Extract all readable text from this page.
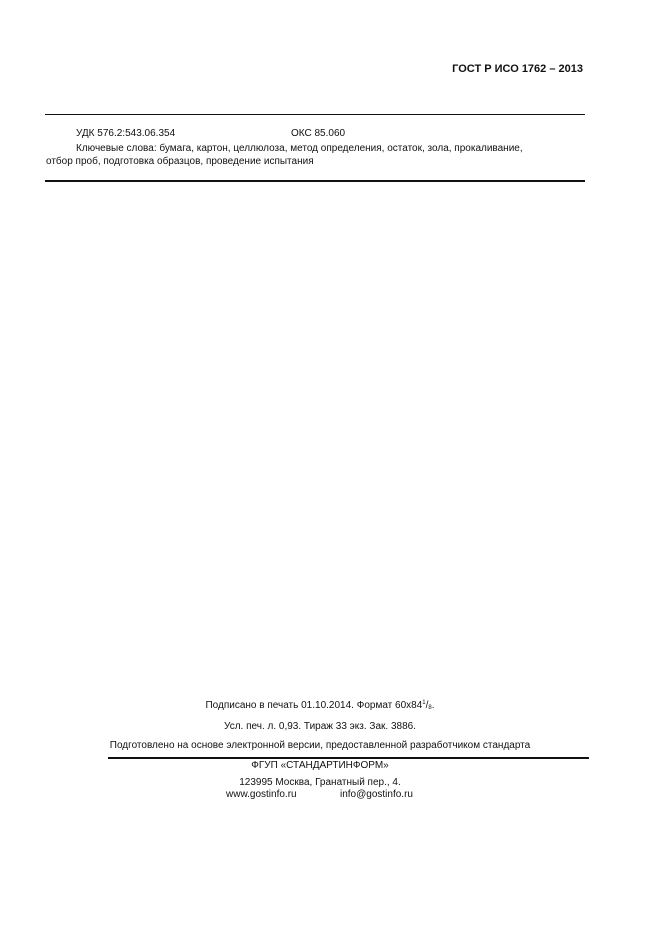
ГОСТ Р ИСО 1762 – 2013
УДК 576.2:543.06.354	ОКС 85.060
Ключевые слова: бумага, картон, целлюлоза, метод определения, остаток, зола, прокаливание,
отбор проб, подготовка образцов, проведение испытания
Подписано в печать 01.10.2014. Формат $60х84^1/_8$.
Усл. печ. л. 0,93. Тираж 33 экз. Зак. 3886.
Подготовлено на основе электронной версии, предоставленной разработчиком стандарта
ФГУП «СТАНДАРТИНФОРМ»
123995 Москва, Гранатный пер., 4.
www.gostinfo.ru	info@gostinfo.ru
